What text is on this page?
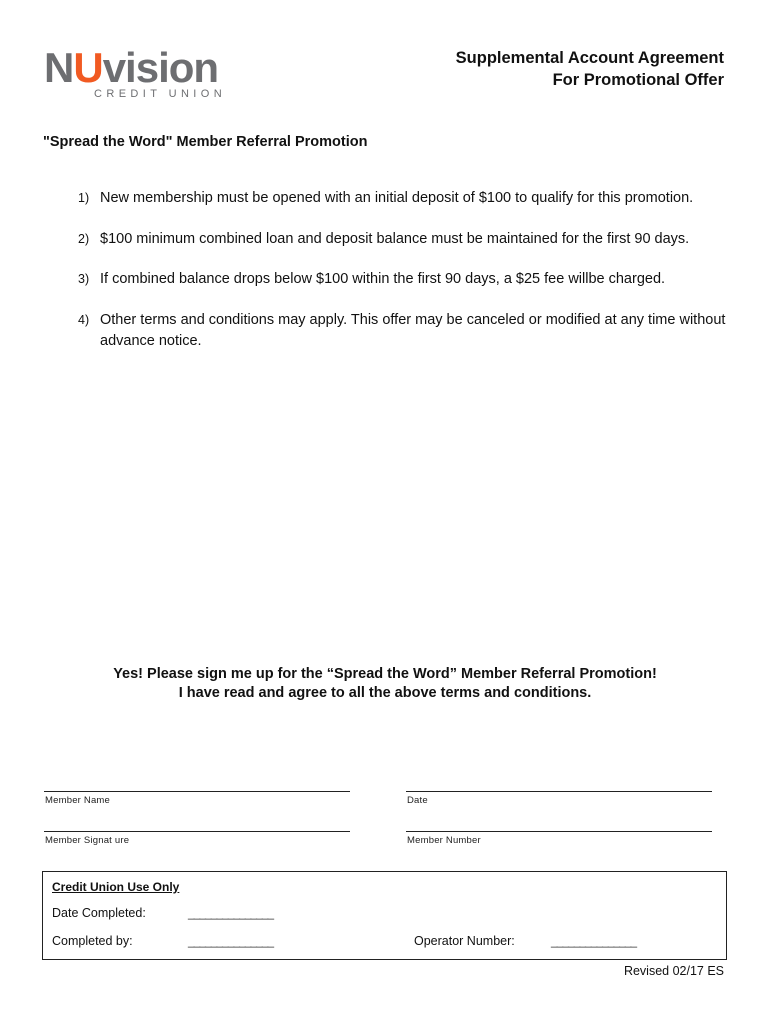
NUvision
CREDIT UNION
Supplemental Account Agreement
For Promotional Offer
"Spread the Word" Member Referral Promotion
1) New membership must be opened with an initial deposit of $100 to qualify for this promotion.
2) $100 minimum combined loan and deposit balance must be maintained for the first 90 days.
3) If combined balance drops below $100 within the first 90 days, a $25 fee willbe charged.
4) Other terms and conditions may apply. This offer may be canceled or modified at any time without advance notice.
Yes! Please sign me up for the “Spread the Word” Member Referral Promotion!
I have read and agree to all the above terms and conditions.
Member Name	Date
Member Signat ure	Member Number
Credit Union Use Only
Date Completed:	_______________
Completed by:	_______________	Operator Number:	_______________
Revised 02/17 ES
